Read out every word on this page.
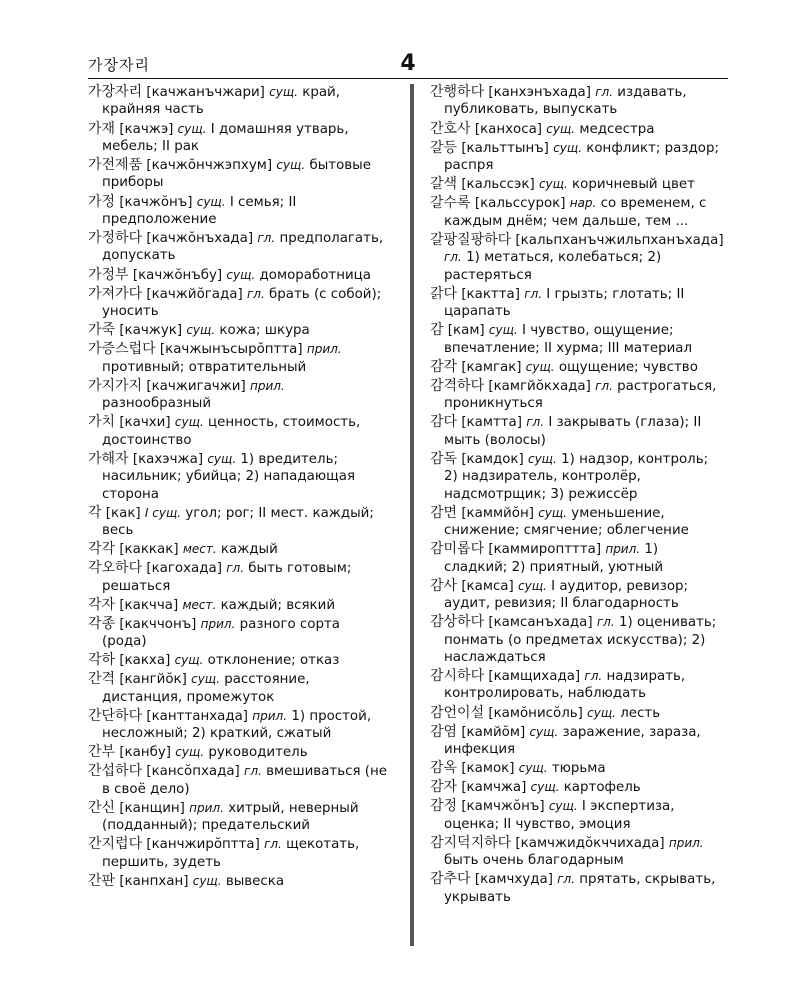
가장자리	4

가장자리 [качжанъчжари] сущ. край, крайняя часть

가재 [качжэ] сущ. I домашняя утварь, мебель; II рак

가전제품 [качжŏнчжэпхум] сущ. бытовые приборы

가정 [качжŏнъ] сущ. I семья; II предположение

가정하다 [качжŏнъхада] гл. предполагать, допускать

가정부 [качжŏнъбу] сущ. домоработница

가져가다 [качжйŏгада] гл. брать (с собой); уносить

가죽 [качжук] сущ. кожа; шкура

가증스럽다 [качжынъсырŏптта] прил. противный; отвратительный

가지가지 [качжигачжи] прил. разнообразный

가치 [качхи] сущ. ценность, стоимость, достоинство

가해자 [кахэчжа] сущ. 1) вредитель; насильник; убийца; 2) нападающая сторона

각 [как] I сущ. угол; рог; II мест. каждый; весь

각각 [каккак] мест. каждый

각오하다 [кагохада] гл. быть готовым; решаться

각자 [какчча] мест. каждый; всякий

각종 [какччонъ] прил. разного сорта (рода)

각하 [какха] сущ. отклонение; отказ

간격 [кангйŏк] сущ. расстояние, дистанция, промежуток

간단하다 [канттанхада] прил. 1) простой, несложный; 2) краткий, сжатый

간부 [канбу] сущ. руководитель

간섭하다 [кансŏпхада] гл. вмешиваться (не в своё дело)

간신 [канщин] прил. хитрый, неверный (подданный); предательский

간지럽다 [канчжирŏптта] гл. щекотать, першить, зудеть

간판 [канпхан] сущ. вывеска

간행하다 [канхэнъхада] гл. издавать, публиковать, выпускать

간호사 [канхоса] сущ. медсестра

갈등 [кальттынъ] сущ. конфликт; раздор; распря

갈색 [кальссэк] сущ. коричневый цвет

갈수록 [кальссурок] нар. со временем, с каждым днём; чем дальше, тем ...

갈팡질팡하다 [кальпханъчжильпханъхада] гл. 1) метаться, колебаться; 2) растеряться

갉다 [кактта] гл. I грызть; глотать; II царапать

감 [кам] сущ. I чувство, ощущение; впечатление; II хурма; III материал

감각 [камгак] сущ. ощущение; чувство

감격하다 [камгйŏкхада] гл. растрогаться, проникнуться

감다 [камтта] гл. I закрывать (глаза); II мыть (волосы)

감독 [камдок] сущ. 1) надзор, контроль; 2) надзиратель, контролёр, надсмотрщик; 3) режиссёр

감면 [каммйŏн] сущ. уменьшение, снижение; смягчение; облегчение

감미롭다 [каммиропттта] прил. 1) сладкий; 2) приятный, уютный

감사 [камса] сущ. I аудитор, ревизор; аудит, ревизия; II благодарность

감상하다 [камсанъхада] гл. 1) оценивать; понмать (о предметах искусства); 2) наслаждаться

감시하다 [камщихада] гл. надзирать, контролировать, наблюдать

감언이설 [камŏнисŏль] сущ. лесть

감염 [камйŏм] сущ. заражение, зараза, инфекция

감옥 [камок] сущ. тюрьма

감자 [камчжа] сущ. картофель

감정 [камчжŏнъ] сущ. I экспертиза, оценка; II чувство, эмоция

감지덕지하다 [камчжидŏкччихада] прил. быть очень благодарным

감추다 [камчхуда] гл. прятать, скрывать, укрывать
